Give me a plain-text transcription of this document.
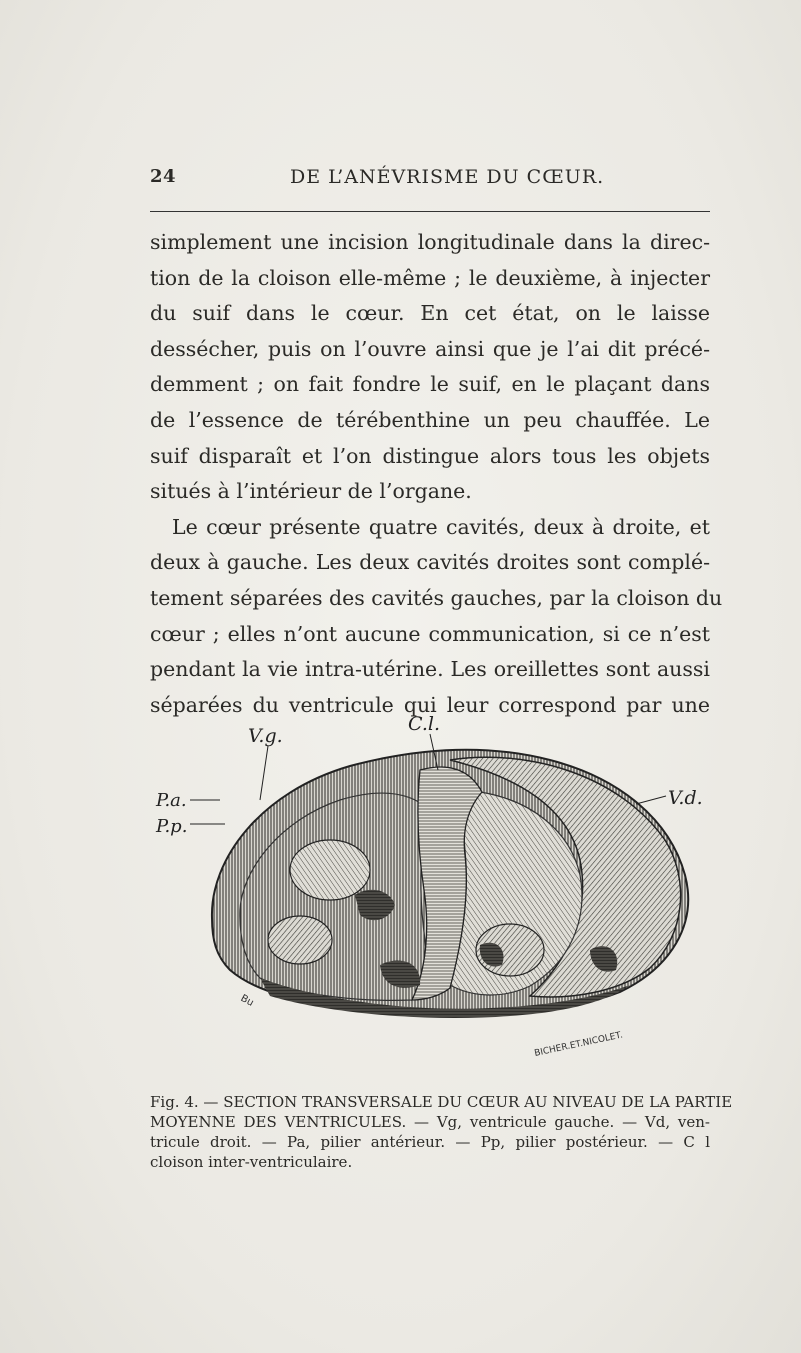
24	DE L’ANÉVRISME DU CŒUR.
simplement une incision longitudinale dans la direc-
tion de la cloison elle-même ; le deuxième, à injecter
du suif dans le cœur. En cet état, on le laisse
dessécher, puis on l’ouvre ainsi que je l’ai dit précé-
demment ; on fait fondre le suif, en le plaçant dans
de l’essence de térébenthine un peu chauffée. Le
suif disparaît et l’on distingue alors tous les objets
situés à l’intérieur de l’organe.
Le cœur présente quatre cavités, deux à droite, et
deux à gauche. Les deux cavités droites sont complé-
tement séparées des cavités gauches, par la cloison du
cœur ; elles n’ont aucune communication, si ce n’est
pendant la vie intra-utérine. Les oreillettes sont aussi
séparées du ventricule qui leur correspond par une
V.g.
C.l.
V.d.
P.a.
P.p.
Bu
BICHER.ET.NICOLET.
Fig. 4. — SECTION TRANSVERSALE DU CŒUR AU NIVEAU DE LA PARTIE
MOYENNE DES VENTRICULES. — Vg, ventricule gauche. — Vd, ven-
tricule droit. — Pa, pilier antérieur. — Pp, pilier postérieur. — C l
cloison inter-ventriculaire.
